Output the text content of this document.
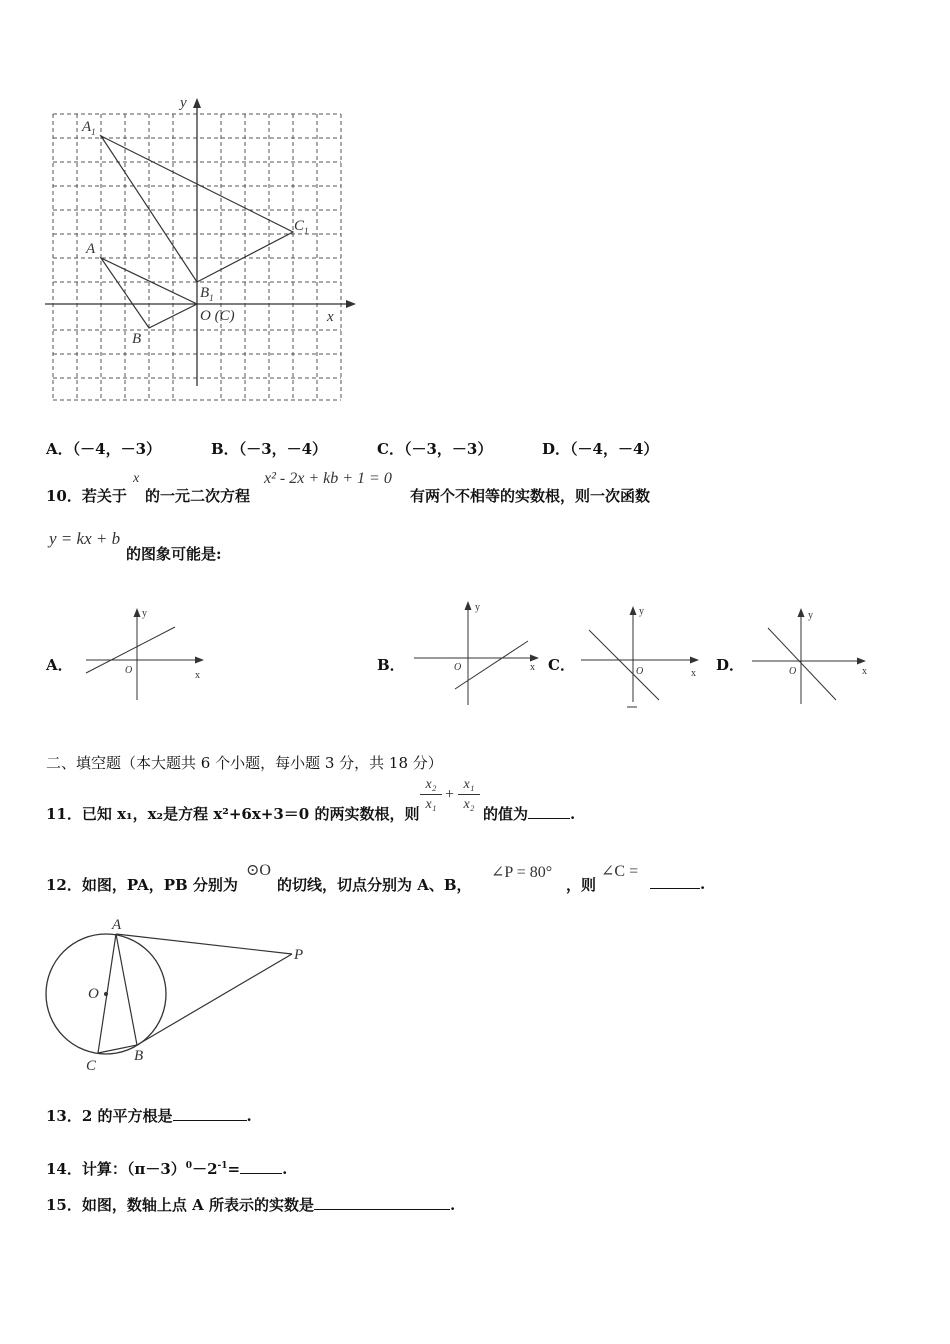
$A_1$
$C_1$
A
$B_1$
O (C)
B
x
y
A．（－4，－3）	B．（－3，－4）	C．（－3，－3）	D．（－4，－4）
10．若关于
x
的一元二次方程
x² - 2x + kb + 1 = 0
有两个不相等的实数根，则一次函数
y = kx + b
的图象可能是:
A．
y
O	x
B．
y
O	x C．
y
O	x D．
y
O	x
二、填空题（本大题共 6 个小题，每小题 3 分，共 18 分）
11．已知 x₁，x₂是方程 x²+6x+3＝0 的两实数根，则
x₂
x₁
+
x₁
x₂
的值为	.
12．如图，PA，PB 分别为
⊙O
的切线，切点分别为 A、B，
∠P = 80°
，则
∠C =
.
A
O
P
C
B
13．2 的平方根是	.
14．计算：$(\pi-3)^0-2^{-1}=$	.
15．如图，数轴上点 A 所表示的实数是	.
